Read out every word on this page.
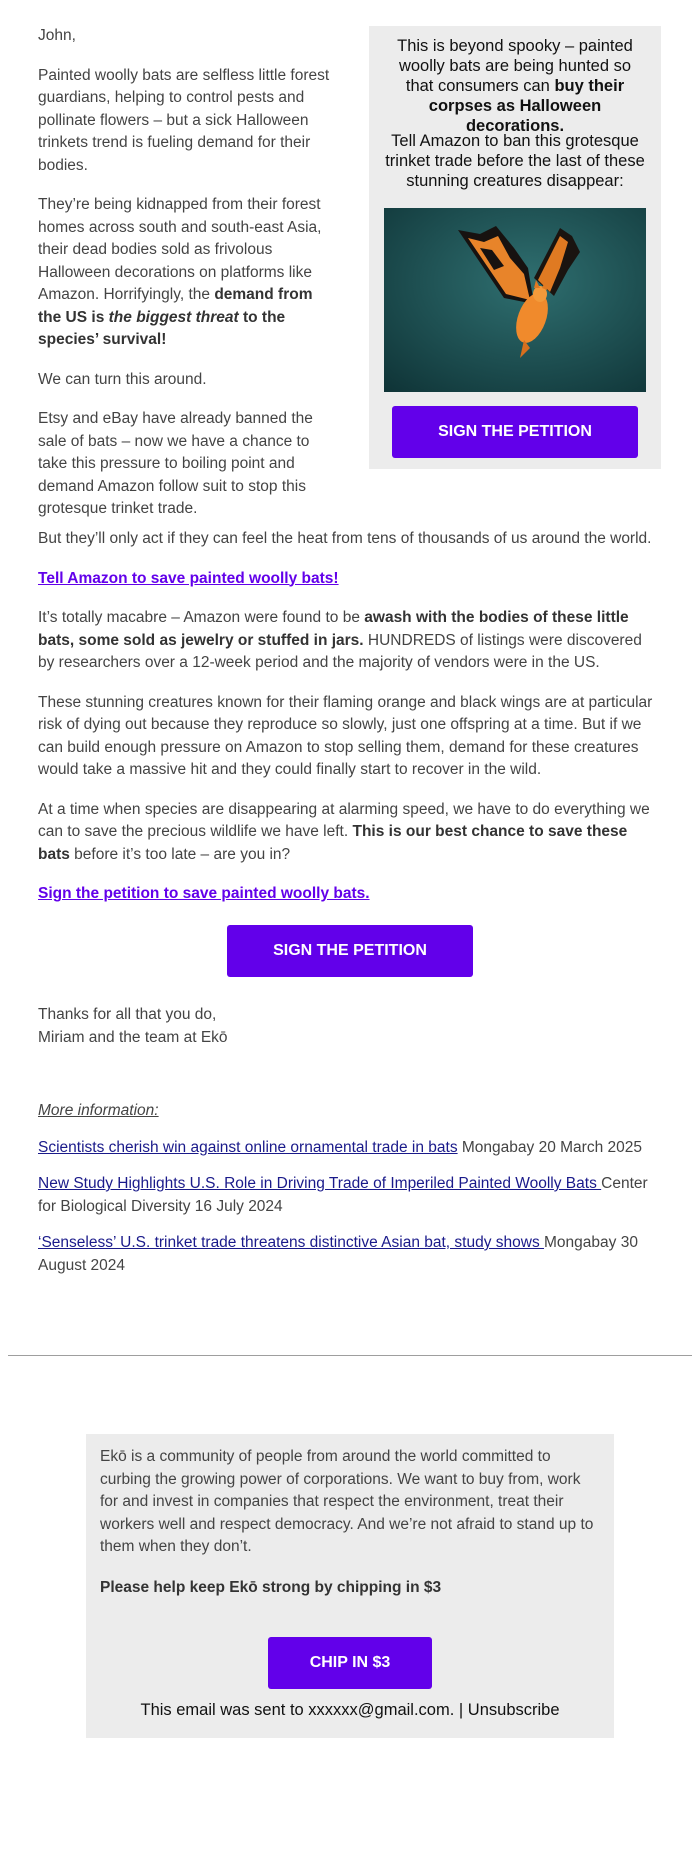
John,

Painted woolly bats are selfless little forest guardians, helping to control pests and pollinate flowers – but a sick Halloween trinkets trend is fueling demand for their bodies.

They’re being kidnapped from their forest homes across south and south-east Asia, their dead bodies sold as frivolous Halloween decorations on platforms like Amazon. Horrifyingly, the demand from the US is the biggest threat to the species’ survival!

We can turn this around.

Etsy and eBay have already banned the sale of bats – now we have a chance to take this pressure to boiling point and demand Amazon follow suit to stop this grotesque trinket trade.

This is beyond spooky – painted woolly bats are being hunted so that consumers can buy their corpses as Halloween decorations.

Tell Amazon to ban this grotesque trinket trade before the last of these stunning creatures disappear:

SIGN THE PETITION

But they’ll only act if they can feel the heat from tens of thousands of us around the world.

Tell Amazon to save painted woolly bats!

It’s totally macabre – Amazon were found to be awash with the bodies of these little bats, some sold as jewelry or stuffed in jars. HUNDREDS of listings were discovered by researchers over a 12-week period and the majority of vendors were in the US.

These stunning creatures known for their flaming orange and black wings are at particular risk of dying out because they reproduce so slowly, just one offspring at a time. But if we can build enough pressure on Amazon to stop selling them, demand for these creatures would take a massive hit and they could finally start to recover in the wild.

At a time when species are disappearing at alarming speed, we have to do everything we can to save the precious wildlife we have left. This is our best chance to save these bats before it’s too late – are you in?

Sign the petition to save painted woolly bats.

SIGN THE PETITION
Thanks for all that you do,
Miriam and the team at Ekō

More information:

Scientists cherish win against online ornamental trade in bats Mongabay 20 March 2025

New Study Highlights U.S. Role in Driving Trade of Imperiled Painted Woolly Bats Center for Biological Diversity 16 July 2024

‘Senseless’ U.S. trinket trade threatens distinctive Asian bat, study shows Mongabay 30 August 2024

Ekō is a community of people from around the world committed to curbing the growing power of corporations. We want to buy from, work for and invest in companies that respect the environment, treat their workers well and respect democracy. And we’re not afraid to stand up to them when they don’t.

Please help keep Ekō strong by chipping in $3

CHIP IN $3
This email was sent to xxxxxx@gmail.com. | Unsubscribe
